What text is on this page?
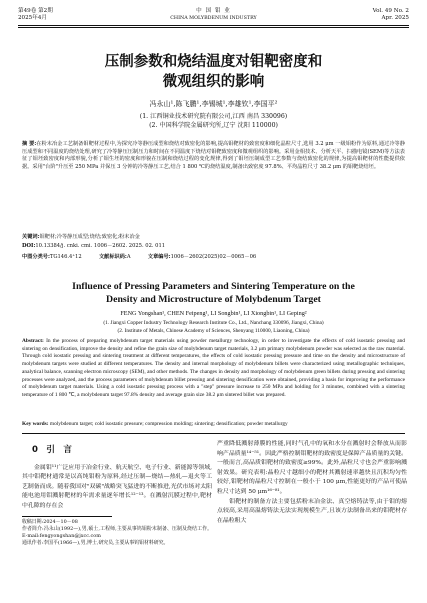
第49卷 第2期
2025年4月
中 国 钼 业
CHINA MOLYBDENUM INDUSTRY
Vol. 49 No. 2
Apr. 2025
压制参数和烧结温度对钼靶密度和
微观组织的影响
冯永山¹,陈飞鹏¹,李锡城¹,李雄钦¹,李国平²
(1. 江西铜业技术研究院有限公司,江西 南昌 330096)
(2. 中国科学院金属研究所,辽宁 沈阳 110000)
摘 要:在粉末冶金工艺制备钼靶材过程中,为探究冷等静压成型和烧结对致密化的影响,提高钼靶材的致密度和细化晶粒尺寸,选用 3.2 μm 一级钼粉作为原料,通过冷等静压成型和不同温度的烧结处理,研究了冷等静压压制压力和时间在不同温度下烧结对钼靶致密度和微观组织的影响。采用金相技术、分析天平、扫描电镜(SEM)等方法表征了钼坯致密度和内部形貌,分析了钼生坯的密度和形貌在压制和烧结过程的变化规律,得到了钼坯压制成型工艺参数与烧结致密化的规律,为提高钼靶材的性能提供依据。采用"台阶"升压至 250 MPa 并保压 3 分钟的冷等静压工艺,结合 1 800 ℃的烧结温度,制备出致密度 97.8%、平均晶粒尺寸 38.2 μm 的钼靶烧结坯。
关键词:钼靶材;冷等静压成型;烧结;致密化;粉末冶金
DOI:10.13384/j. cnki. cmi. 1006－2602. 2025. 02. 011
中图分类号:TG146.4⁺12	文献标识码:A	文章编号:1006－2602(2025)02－0065－06
Influence of Pressing Parameters and Sintering Temperature on the
Density and Microstructure of Molybdenum Target
FENG Yongshan¹, CHEN Feipeng¹, LI Songbin¹, LI Xiongbin¹, LI Geping²
(1. Jiangxi Copper Industry Technology Research Institute Co., Ltd., Nanchang 330096, Jiangxi, China)
(2. Institute of Metals, Chinese Academy of Sciences, Shenyang 110000, Liaoning, China)
Abstract: In the process of preparing molybdenum target materials using powder metallurgy technology, in order to investigate the effects of cold isostatic pressing and sintering on densification, improve the density and refine the grain size of molybdenum target materials, 3.2 μm primary molybdenum powder was selected as the raw material. Through cold isostatic pressing and sintering treatment at different temperatures, the effects of cold isostatic pressing pressure and time on the density and microstructure of molybdenum targets were studied at different temperatures. The density and internal morphology of molybdenum billets were characterized using metallographic techniques, analytical balance, scanning electron microscopy (SEM), and other methods. The changes in density and morphology of molybdenum green billets during pressing and sintering processes were analyzed, and the process parameters of molybdenum billet pressing and sintering densification were obtained, providing a basis for improving the performance of molybdenum target materials. Using a cold isostatic pressing process with a "step" pressure increase to 250 MPa and holding for 3 minutes, combined with a sintering temperature of 1 800 ℃, a molybdenum target 97.8% density and average grain size 38.2 μm sintered billet was prepared.
Key words: molybdenum target; cold isostatic pressure; compression molding; sintering; densification; powder metallurgy
0　引　言
金属钼¹¹广泛应用于冶金行业、航天航空、电子行业、新能源等领域,其中钼靶材通常是以高纯钼粉为原料,经过压制—烧结—热轧—退火等工艺制备而成。随着我国对"双碳"战略突飞猛进的不断推进,光伏市场对太阳能电池用钼溅射靶材的年需求量逐年增长¹²⁻¹³。在溅射沉膜过程中,靶材中孔隙的存在会
收稿日期:2024－10－08
作者简介:冯永山(1992—),男,硕士,工程师,主要从事钨钼粉末制备、压制及烧结工作。E-mail:fengyongshan@jxcc.com
通讯作者:李国平(1966—),男,博士,研究员,主要从事钨钼材料研究。
严重降低溅射薄膜的性能,同时气孔中的氧和水分在溅射时会释放从而影响产品质量¹⁴⁻⁵¹。因此严格控制钼靶材的致密度是保障产品质量的关键。一般而言,高品质钼靶材的致密度≥99%。此外,晶粒尺寸也会严重影响溅射效果。研究表明:晶粒尺寸越细小的靶材其溅射速率越快且沉积均匀性较好,钼靶材的晶粒尺寸控制在一般小于 100 μm,性能更好的产品可使晶粒尺寸达到 50 μm¹⁶⁻⁸¹。
　　钼靶材的制备方法主要包括粉末冶金法、真空熔铸法等,由于钼的熔点较高,采用高温熔铸法无法实现规模生产,且该方法制备出来的钼靶材存在晶粒粗大
